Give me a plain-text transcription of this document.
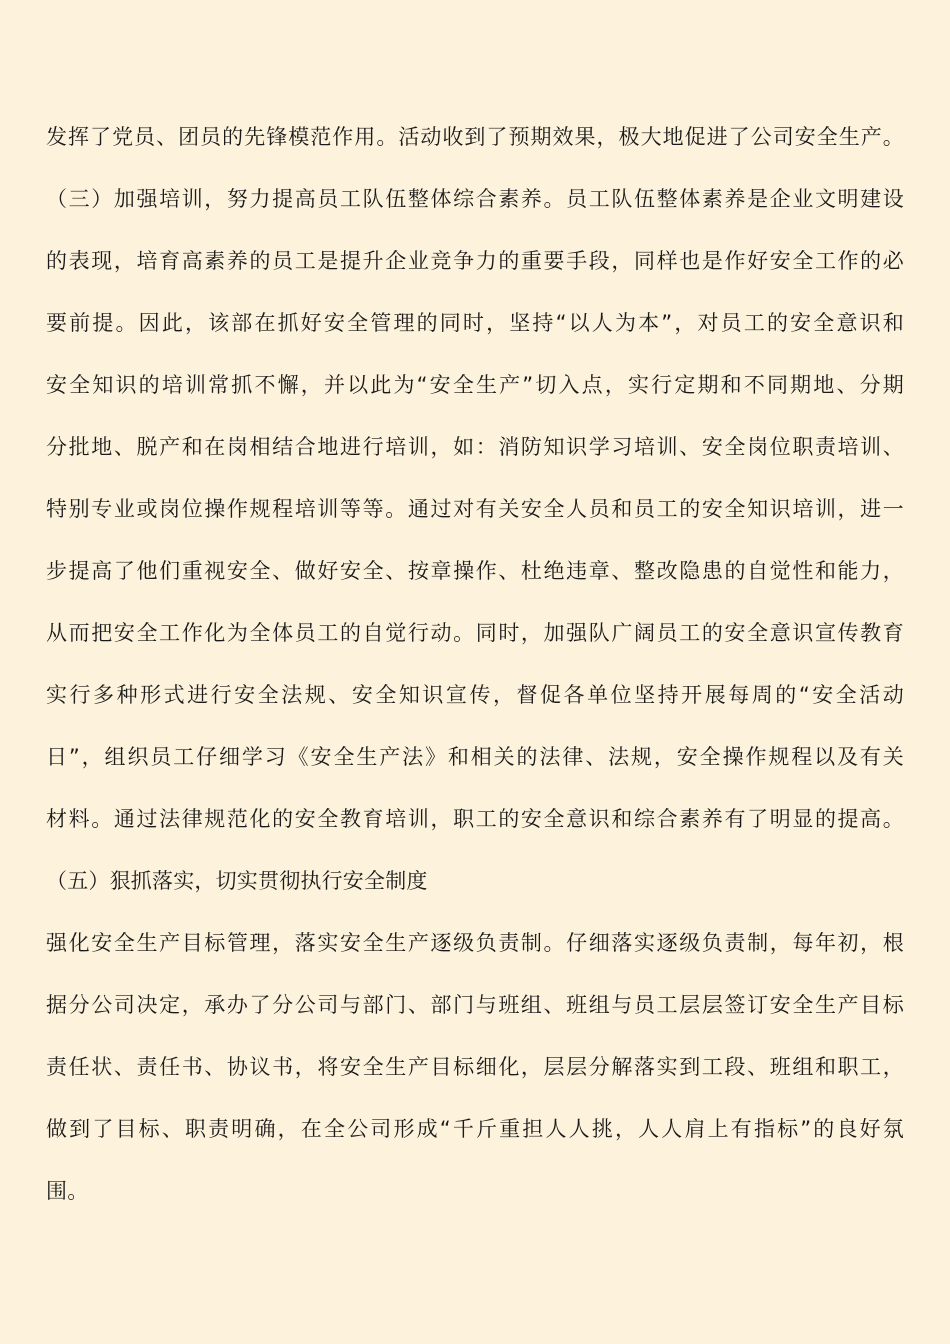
发挥了党员、团员的先锋模范作用。活动收到了预期效果，极大地促进了公司安全生产。
（三）加强培训，努力提高员工队伍整体综合素养。员工队伍整体素养是企业文明建设
的表现，培育高素养的员工是提升企业竞争力的重要手段，同样也是作好安全工作的必
要前提。因此，该部在抓好安全管理的同时，坚持“以人为本”，对员工的安全意识和
安全知识的培训常抓不懈，并以此为“安全生产”切入点，实行定期和不同期地、分期
分批地、脱产和在岗相结合地进行培训，如：消防知识学习培训、安全岗位职责培训、
特别专业或岗位操作规程培训等等。通过对有关安全人员和员工的安全知识培训，进一
步提高了他们重视安全、做好安全、按章操作、杜绝违章、整改隐患的自觉性和能力，
从而把安全工作化为全体员工的自觉行动。同时，加强队广阔员工的安全意识宣传教育
实行多种形式进行安全法规、安全知识宣传，督促各单位坚持开展每周的“安全活动
日”，组织员工仔细学习《安全生产法》和相关的法律、法规，安全操作规程以及有关
材料。通过法律规范化的安全教育培训，职工的安全意识和综合素养有了明显的提高。
（五）狠抓落实，切实贯彻执行安全制度
强化安全生产目标管理，落实安全生产逐级负责制。仔细落实逐级负责制，每年初，根
据分公司决定，承办了分公司与部门、部门与班组、班组与员工层层签订安全生产目标
责任状、责任书、协议书，将安全生产目标细化，层层分解落实到工段、班组和职工，
做到了目标、职责明确，在全公司形成“千斤重担人人挑，人人肩上有指标”的良好氛
围。
